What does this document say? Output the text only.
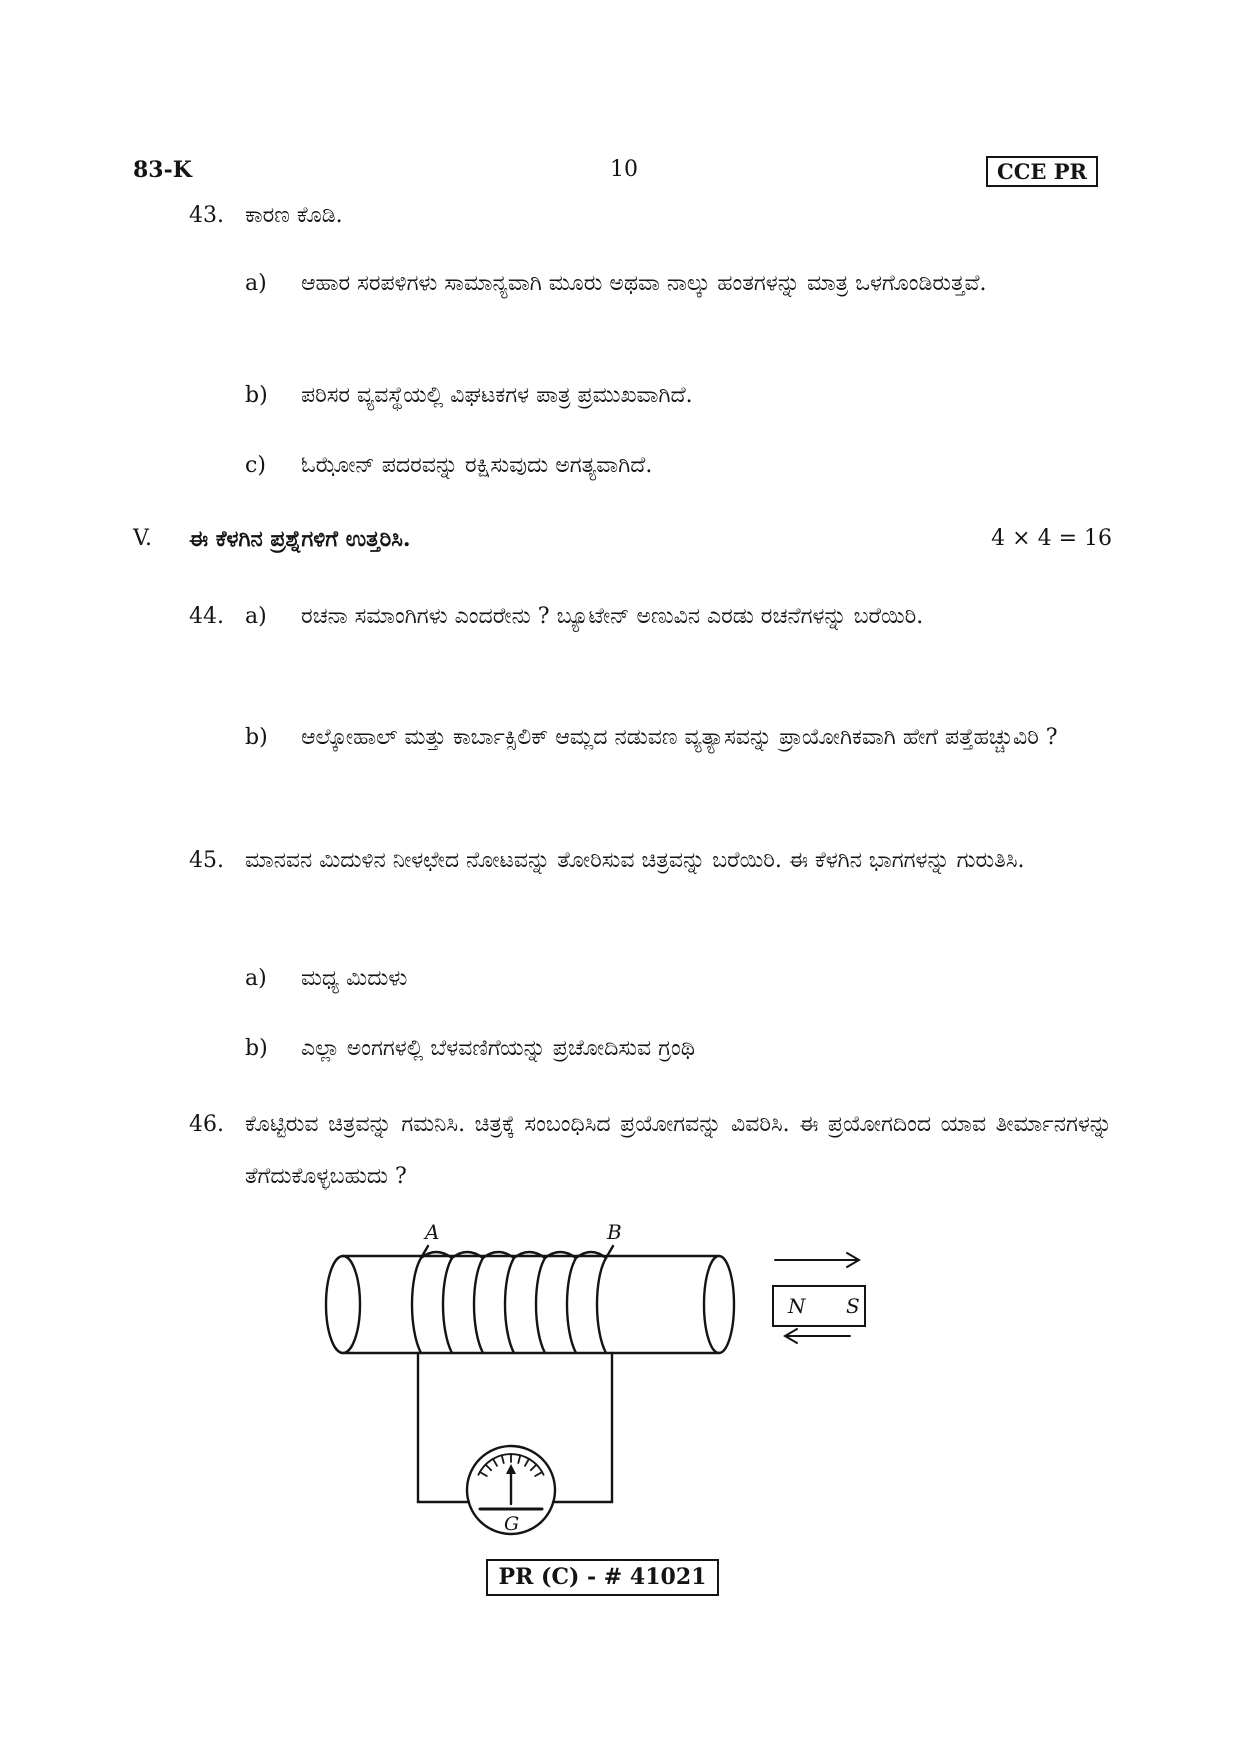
83-K	10	CCE PR
43. ಕಾರಣ ಕೊಡಿ.
a) ಆಹಾರ ಸರಪಳಿಗಳು ಸಾಮಾನ್ಯವಾಗಿ ಮೂರು ಅಥವಾ ನಾಲ್ಕು ಹಂತಗಳನ್ನು ಮಾತ್ರ ಒಳಗೊಂಡಿರುತ್ತವೆ.
b) ಪರಿಸರ ವ್ಯವಸ್ಥೆಯಲ್ಲಿ ವಿಘಟಕಗಳ ಪಾತ್ರ ಪ್ರಮುಖವಾಗಿದೆ.
c) ಓಝೋನ್ ಪದರವನ್ನು ರಕ್ಷಿಸುವುದು ಅಗತ್ಯವಾಗಿದೆ.
V. ಈ ಕೆಳಗಿನ ಪ್ರಶ್ನೆಗಳಿಗೆ ಉತ್ತರಿಸಿ.	4 × 4 = 16
44. a) ರಚನಾ ಸಮಾಂಗಿಗಳು ಎಂದರೇನು ? ಬ್ಯೂಟೇನ್ ಅಣುವಿನ ಎರಡು ರಚನೆಗಳನ್ನು ಬರೆಯಿರಿ.
b) ಆಲ್ಕೋಹಾಲ್ ಮತ್ತು ಕಾರ್ಬಾಕ್ಸಿಲಿಕ್ ಆಮ್ಲದ ನಡುವಣ ವ್ಯತ್ಯಾಸವನ್ನು ಪ್ರಾಯೋಗಿಕವಾಗಿ ಹೇಗೆ ಪತ್ತೆಹಚ್ಚುವಿರಿ ?
45. ಮಾನವನ ಮಿದುಳಿನ ನೀಳಛೇದ ನೋಟವನ್ನು ತೋರಿಸುವ ಚಿತ್ರವನ್ನು ಬರೆಯಿರಿ. ಈ ಕೆಳಗಿನ ಭಾಗಗಳನ್ನು ಗುರುತಿಸಿ.
a) ಮಧ್ಯ ಮಿದುಳು
b) ಎಲ್ಲಾ ಅಂಗಗಳಲ್ಲಿ ಬೆಳವಣಿಗೆಯನ್ನು ಪ್ರಚೋದಿಸುವ ಗ್ರಂಥಿ
46. ಕೊಟ್ಟಿರುವ ಚಿತ್ರವನ್ನು ಗಮನಿಸಿ. ಚಿತ್ರಕ್ಕೆ ಸಂಬಂಧಿಸಿದ ಪ್ರಯೋಗವನ್ನು ವಿವರಿಸಿ. ಈ ಪ್ರಯೋಗದಿಂದ ಯಾವ ತೀರ್ಮಾನಗಳನ್ನು ತೆಗೆದುಕೊಳ್ಳಬಹುದು ?
A	B
N S
G
PR (C) - # 41021
